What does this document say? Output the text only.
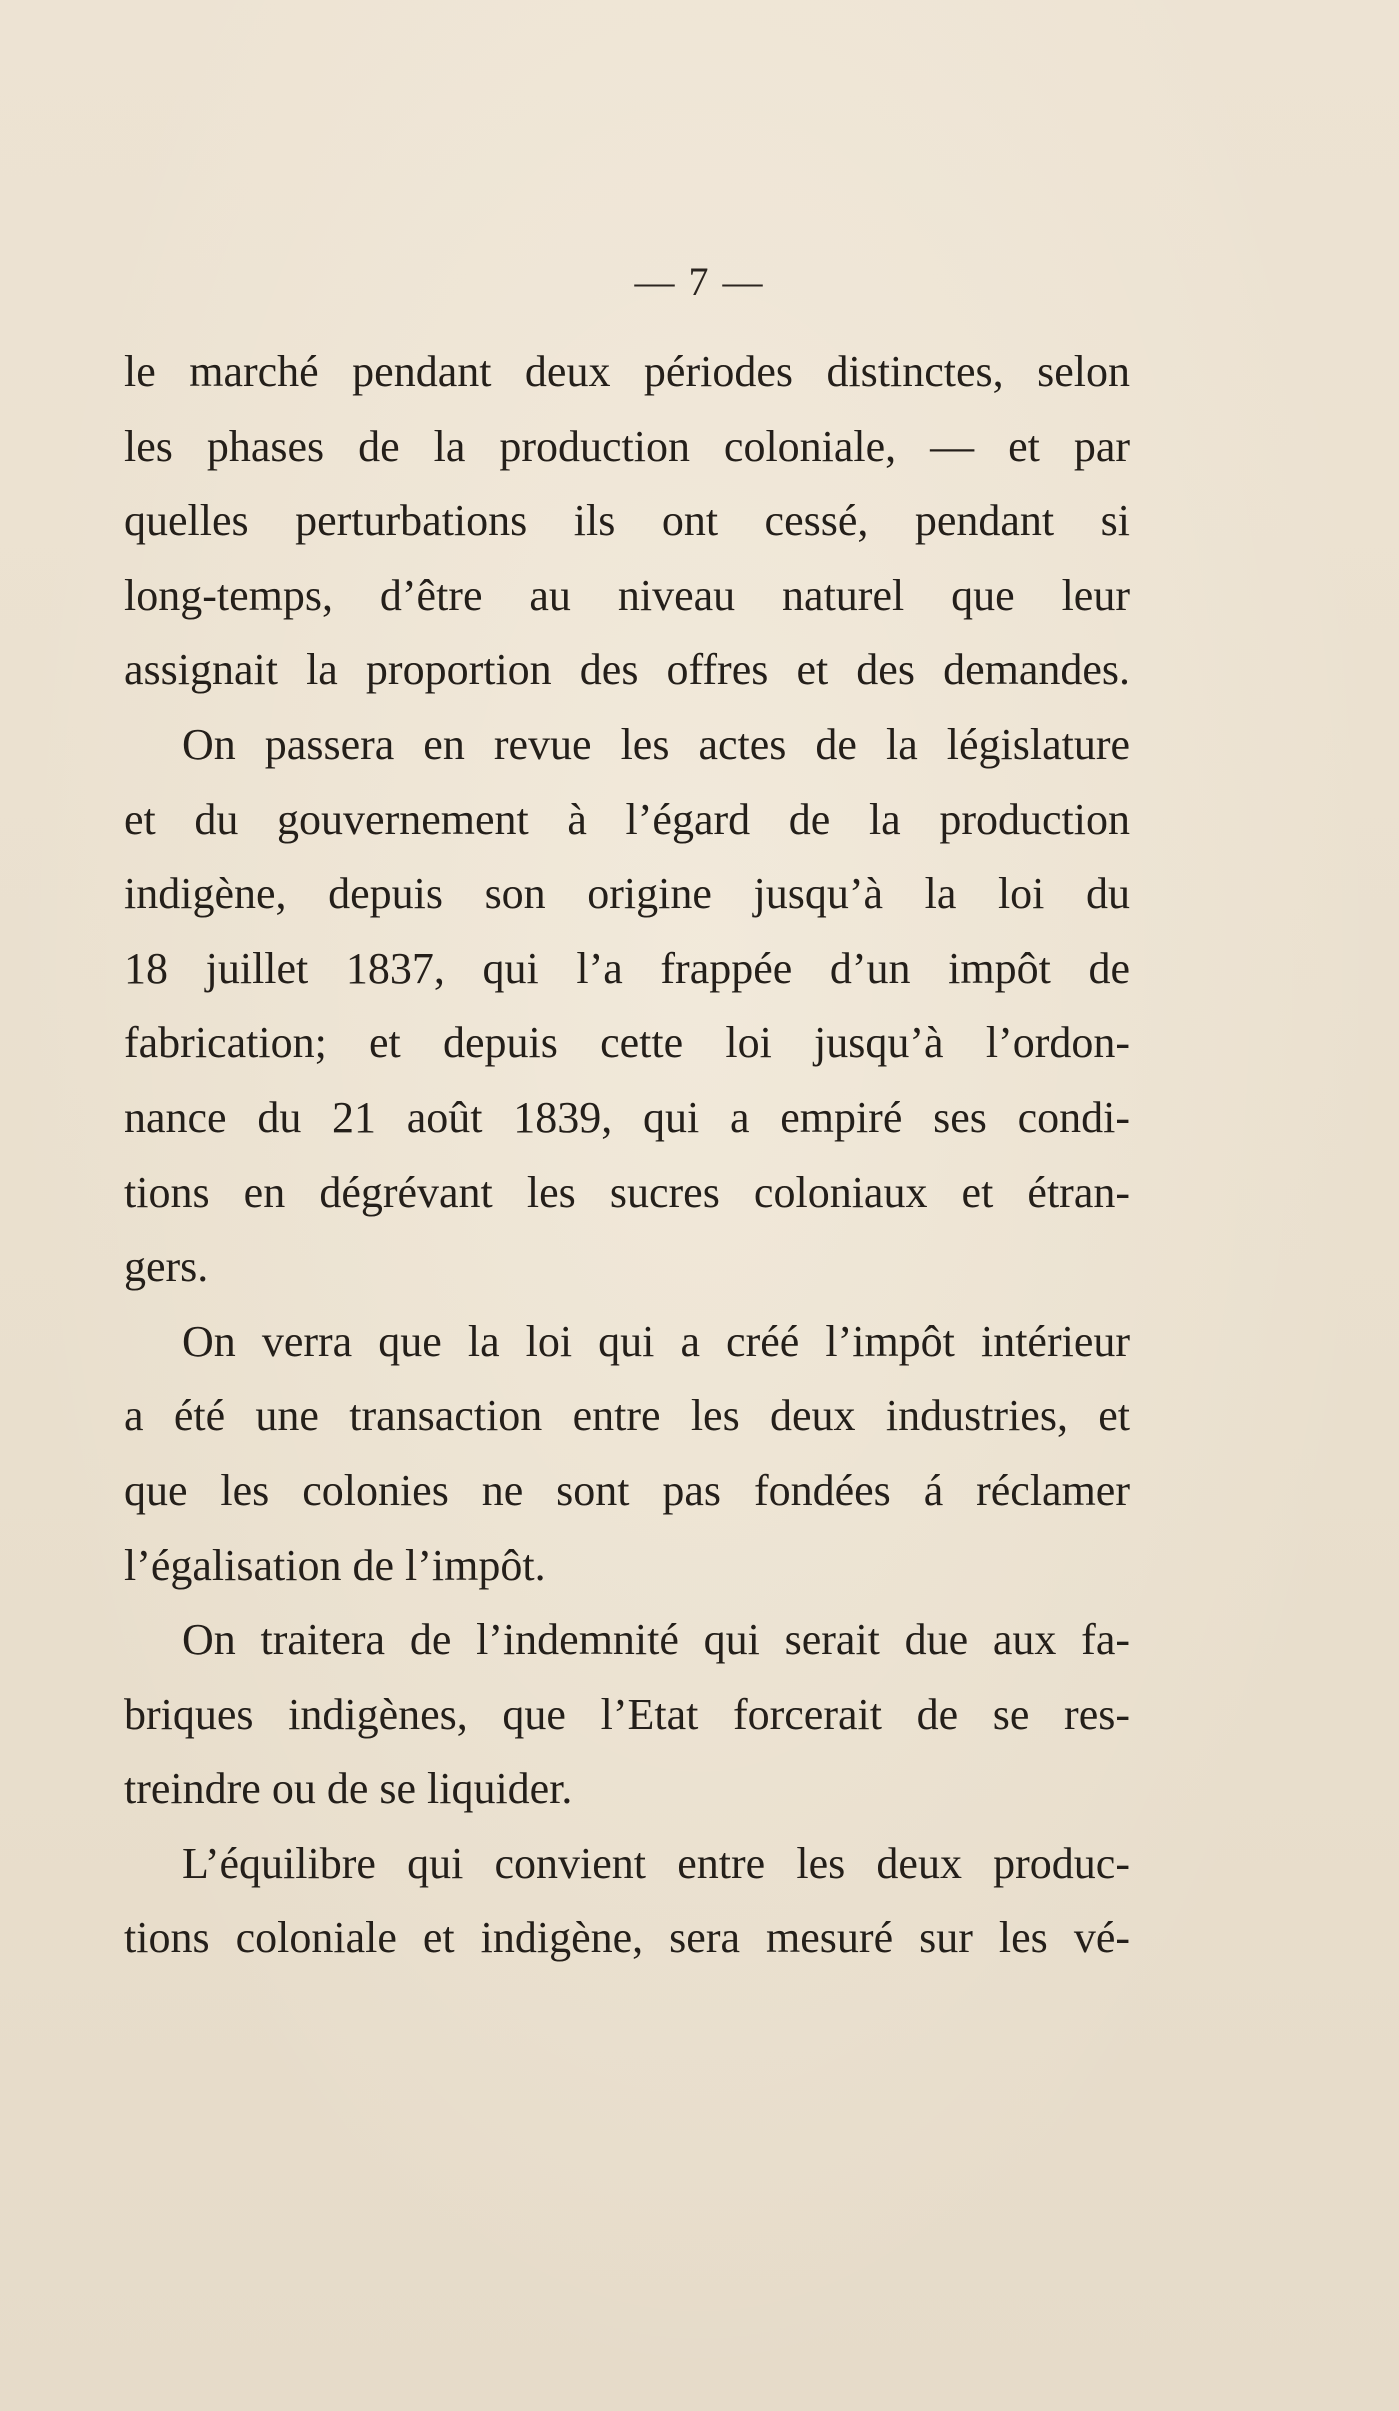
— 7 —
le marché pendant deux périodes distinctes, selon
les phases de la production coloniale, — et par
quelles perturbations ils ont cessé, pendant si
long-temps, d’être au niveau naturel que leur
assignait la proportion des offres et des demandes.
On passera en revue les actes de la législature
et du gouvernement à l’égard de la production
indigène, depuis son origine jusqu’à la loi du
18 juillet 1837, qui l’a frappée d’un impôt de
fabrication; et depuis cette loi jusqu’à l’ordon-
nance du 21 août 1839, qui a empiré ses condi-
tions en dégrévant les sucres coloniaux et étran-
gers.
On verra que la loi qui a créé l’impôt intérieur
a été une transaction entre les deux industries, et
que les colonies ne sont pas fondées á réclamer
l’égalisation de l’impôt.
On traitera de l’indemnité qui serait due aux fa-
briques indigènes, que l’Etat forcerait de se res-
treindre ou de se liquider.
L’équilibre qui convient entre les deux produc-
tions coloniale et indigène, sera mesuré sur les vé-
